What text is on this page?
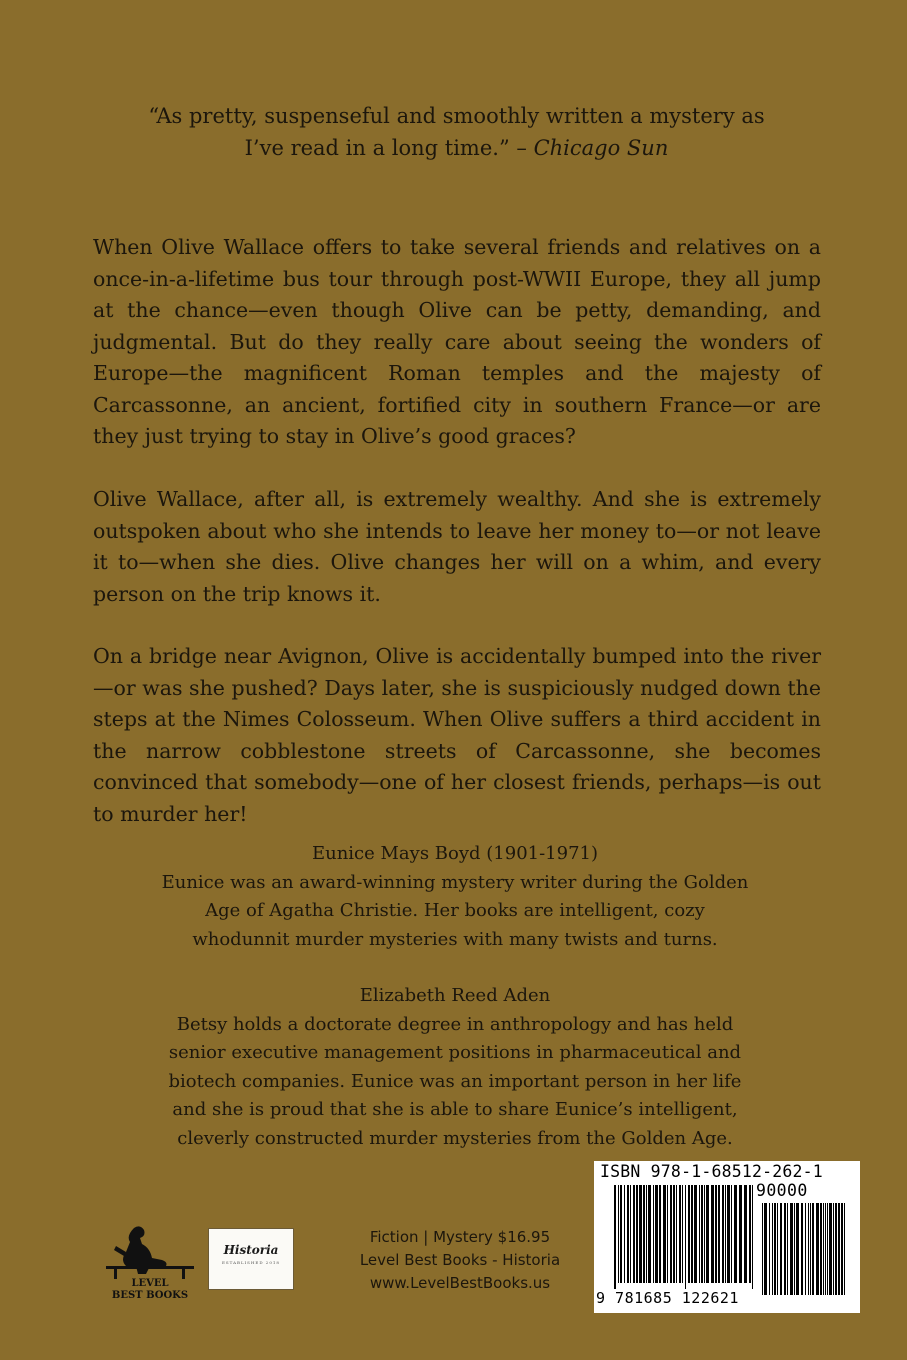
“As pretty, suspenseful and smoothly written a mystery as
I’ve read in a long time.” – Chicago Sun

When Olive Wallace offers to take several friends and relatives on a once-in-a-lifetime bus tour through post-WWII Europe, they all jump at the chance—even though Olive can be petty, demanding, and judgmental. But do they really care about seeing the wonders of Europe—the magnificent Roman temples and the majesty of Carcassonne, an ancient, fortified city in southern France—or are they just trying to stay in Olive’s good graces?

Olive Wallace, after all, is extremely wealthy. And she is extremely outspoken about who she intends to leave her money to—or not leave it to—when she dies. Olive changes her will on a whim, and every person on the trip knows it.

On a bridge near Avignon, Olive is accidentally bumped into the river —or was she pushed? Days later, she is suspiciously nudged down the steps at the Nimes Colosseum. When Olive suffers a third accident in the narrow cobblestone streets of Carcassonne, she becomes convinced that somebody—one of her closest friends, perhaps—is out to murder her!

Eunice Mays Boyd (1901-1971)
Eunice was an award-winning mystery writer during the Golden Age of Agatha Christie. Her books are intelligent, cozy whodunnit murder mysteries with many twists and turns.
Elizabeth Reed Aden
Betsy holds a doctorate degree in anthropology and has held senior executive management positions in pharmaceutical and biotech companies. Eunice was an important person in her life and she is proud that she is able to share Eunice’s intelligent, cleverly constructed murder mysteries from the Golden Age.
LEVEL
BEST BOOKS
Historia
ESTABLISHED 2018
Fiction | Mystery $16.95
Level Best Books - Historia
www.LevelBestBooks.us
ISBN 978-1-68512-262-1
90000
9 781685 122621
